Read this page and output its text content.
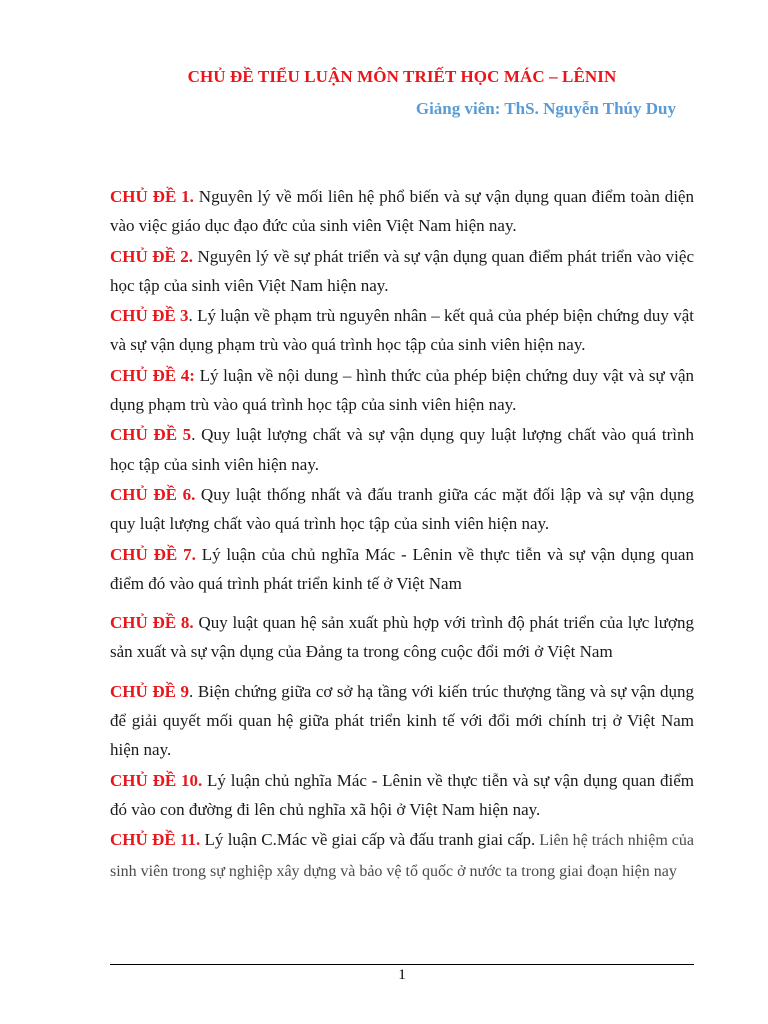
CHỦ ĐỀ TIỂU LUẬN MÔN TRIẾT HỌC MÁC – LÊNIN
Giảng viên: ThS. Nguyễn Thúy Duy

CHỦ ĐỀ 1. Nguyên lý về mối liên hệ phổ biến và sự vận dụng quan điểm toàn diện vào việc giáo dục đạo đức của sinh viên Việt Nam hiện nay.

CHỦ ĐỀ 2. Nguyên lý về sự phát triển và sự vận dụng quan điểm phát triển vào việc học tập của sinh viên Việt Nam hiện nay.

CHỦ ĐỀ 3. Lý luận về phạm trù nguyên nhân – kết quả của phép biện chứng duy vật và sự vận dụng phạm trù vào quá trình học tập của sinh viên hiện nay.

CHỦ ĐỀ 4: Lý luận về nội dung – hình thức của phép biện chứng duy vật và sự vận dụng phạm trù vào quá trình học tập của sinh viên hiện nay.

CHỦ ĐỀ 5. Quy luật lượng chất và sự vận dụng quy luật lượng chất vào quá trình học tập của sinh viên hiện nay.

CHỦ ĐỀ 6. Quy luật thống nhất và đấu tranh giữa các mặt đối lập và sự vận dụng quy luật lượng chất vào quá trình học tập của sinh viên hiện nay.

CHỦ ĐỀ 7. Lý luận của chủ nghĩa Mác - Lênin về thực tiễn và sự vận dụng quan điểm đó vào quá trình phát triển kinh tế ở Việt Nam

CHỦ ĐỀ 8. Quy luật quan hệ sản xuất phù hợp với trình độ phát triển của lực lượng sản xuất và sự vận dụng của Đảng ta trong công cuộc đổi mới ở Việt Nam

CHỦ ĐỀ 9. Biện chứng giữa cơ sở hạ tầng với kiến trúc thượng tầng và sự vận dụng để giải quyết mối quan hệ giữa phát triển kinh tế với đổi mới chính trị ở Việt Nam hiện nay.

CHỦ ĐỀ 10. Lý luận chủ nghĩa Mác - Lênin về thực tiễn và sự vận dụng quan điểm đó vào con đường đi lên chủ nghĩa xã hội ở Việt Nam hiện nay.

CHỦ ĐỀ 11. Lý luận C.Mác về giai cấp và đấu tranh giai cấp. Liên hệ trách nhiệm của sinh viên trong sự nghiệp xây dựng và bảo vệ tổ quốc ở nước ta trong giai đoạn hiện nay

1
